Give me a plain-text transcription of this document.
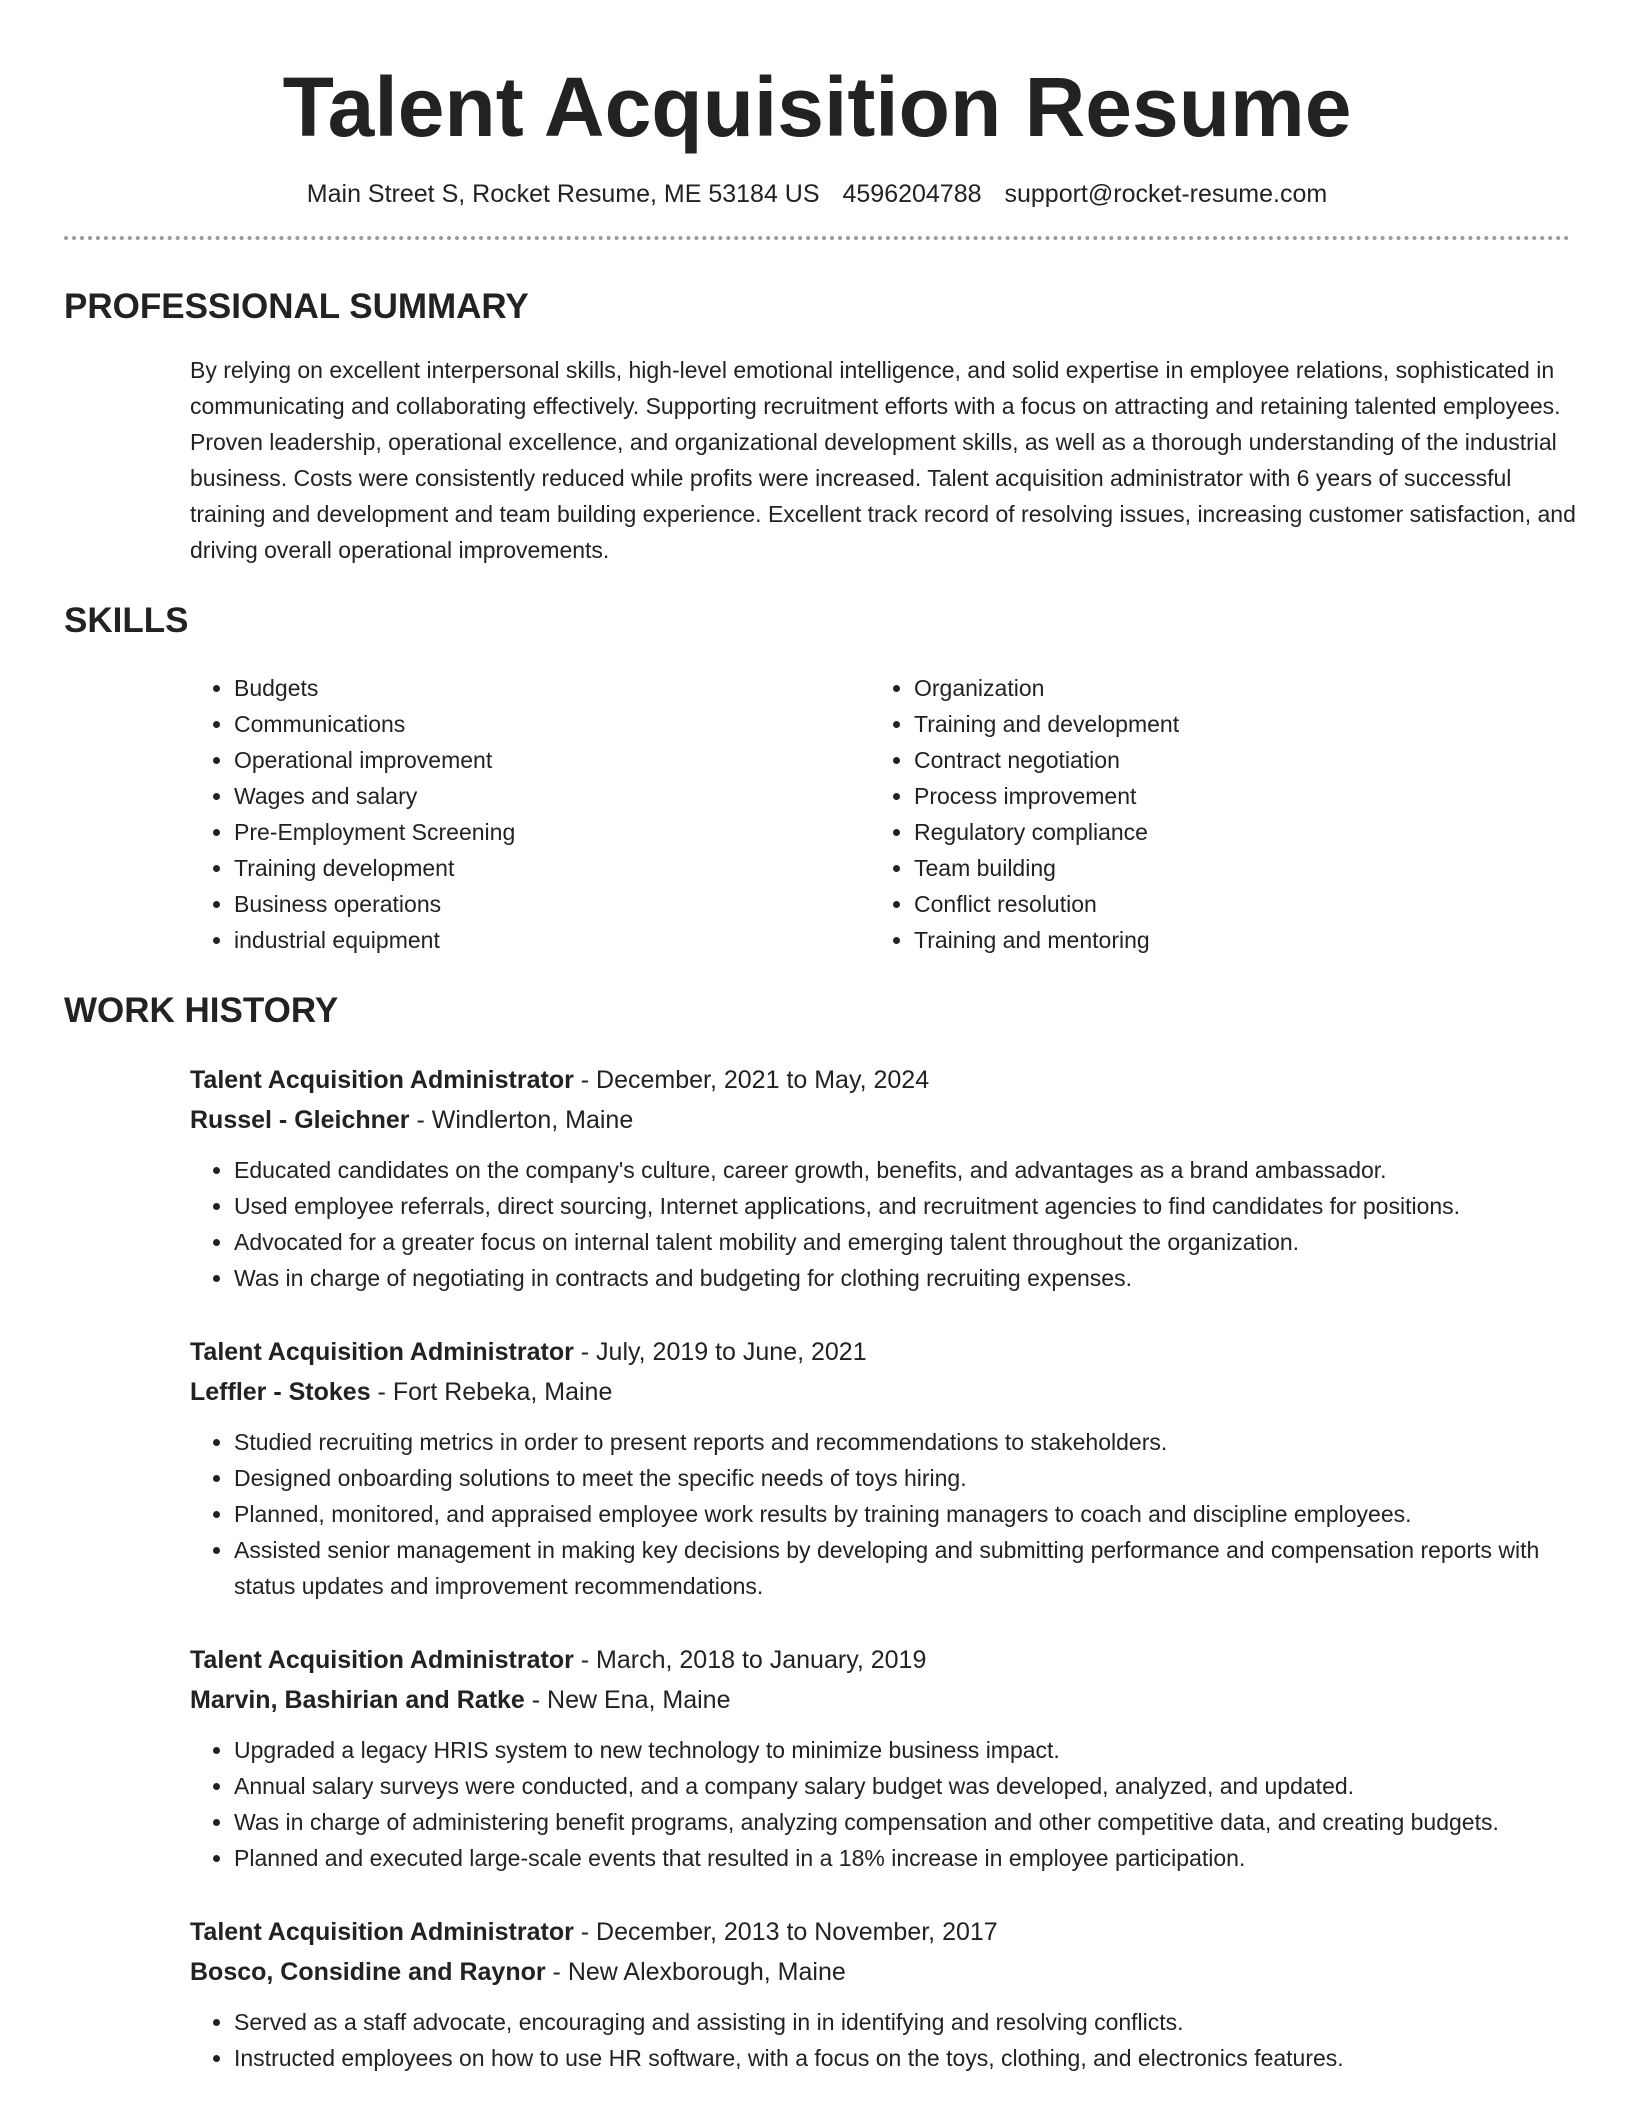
Talent Acquisition Resume
Main Street S, Rocket Resume, ME 53184 US 4596204788 support@rocket-resume.com
PROFESSIONAL SUMMARY

By relying on excellent interpersonal skills, high-level emotional intelligence, and solid expertise in employee relations, sophisticated in communicating and collaborating effectively. Supporting recruitment efforts with a focus on attracting and retaining talented employees. Proven leadership, operational excellence, and organizational development skills, as well as a thorough understanding of the industrial business. Costs were consistently reduced while profits were increased. Talent acquisition administrator with 6 years of successful training and development and team building experience. Excellent track record of resolving issues, increasing customer satisfaction, and driving overall operational improvements.

SKILLS
• Budgets
• Communications
• Operational improvement
• Wages and salary
• Pre-Employment Screening
• Training development
• Business operations
• industrial equipment
• Organization
• Training and development
• Contract negotiation
• Process improvement
• Regulatory compliance
• Team building
• Conflict resolution
• Training and mentoring
WORK HISTORY
Talent Acquisition Administrator - December, 2021 to May, 2024
Russel - Gleichner - Windlerton, Maine
• Educated candidates on the company's culture, career growth, benefits, and advantages as a brand ambassador.
• Used employee referrals, direct sourcing, Internet applications, and recruitment agencies to find candidates for positions.
• Advocated for a greater focus on internal talent mobility and emerging talent throughout the organization.
• Was in charge of negotiating in contracts and budgeting for clothing recruiting expenses.
Talent Acquisition Administrator - July, 2019 to June, 2021
Leffler - Stokes - Fort Rebeka, Maine
• Studied recruiting metrics in order to present reports and recommendations to stakeholders.
• Designed onboarding solutions to meet the specific needs of toys hiring.
• Planned, monitored, and appraised employee work results by training managers to coach and discipline employees.
• Assisted senior management in making key decisions by developing and submitting performance and compensation reports with status updates and improvement recommendations.
Talent Acquisition Administrator - March, 2018 to January, 2019
Marvin, Bashirian and Ratke - New Ena, Maine
• Upgraded a legacy HRIS system to new technology to minimize business impact.
• Annual salary surveys were conducted, and a company salary budget was developed, analyzed, and updated.
• Was in charge of administering benefit programs, analyzing compensation and other competitive data, and creating budgets.
• Planned and executed large-scale events that resulted in a 18% increase in employee participation.
Talent Acquisition Administrator - December, 2013 to November, 2017
Bosco, Considine and Raynor - New Alexborough, Maine
• Served as a staff advocate, encouraging and assisting in in identifying and resolving conflicts.
• Instructed employees on how to use HR software, with a focus on the toys, clothing, and electronics features.
